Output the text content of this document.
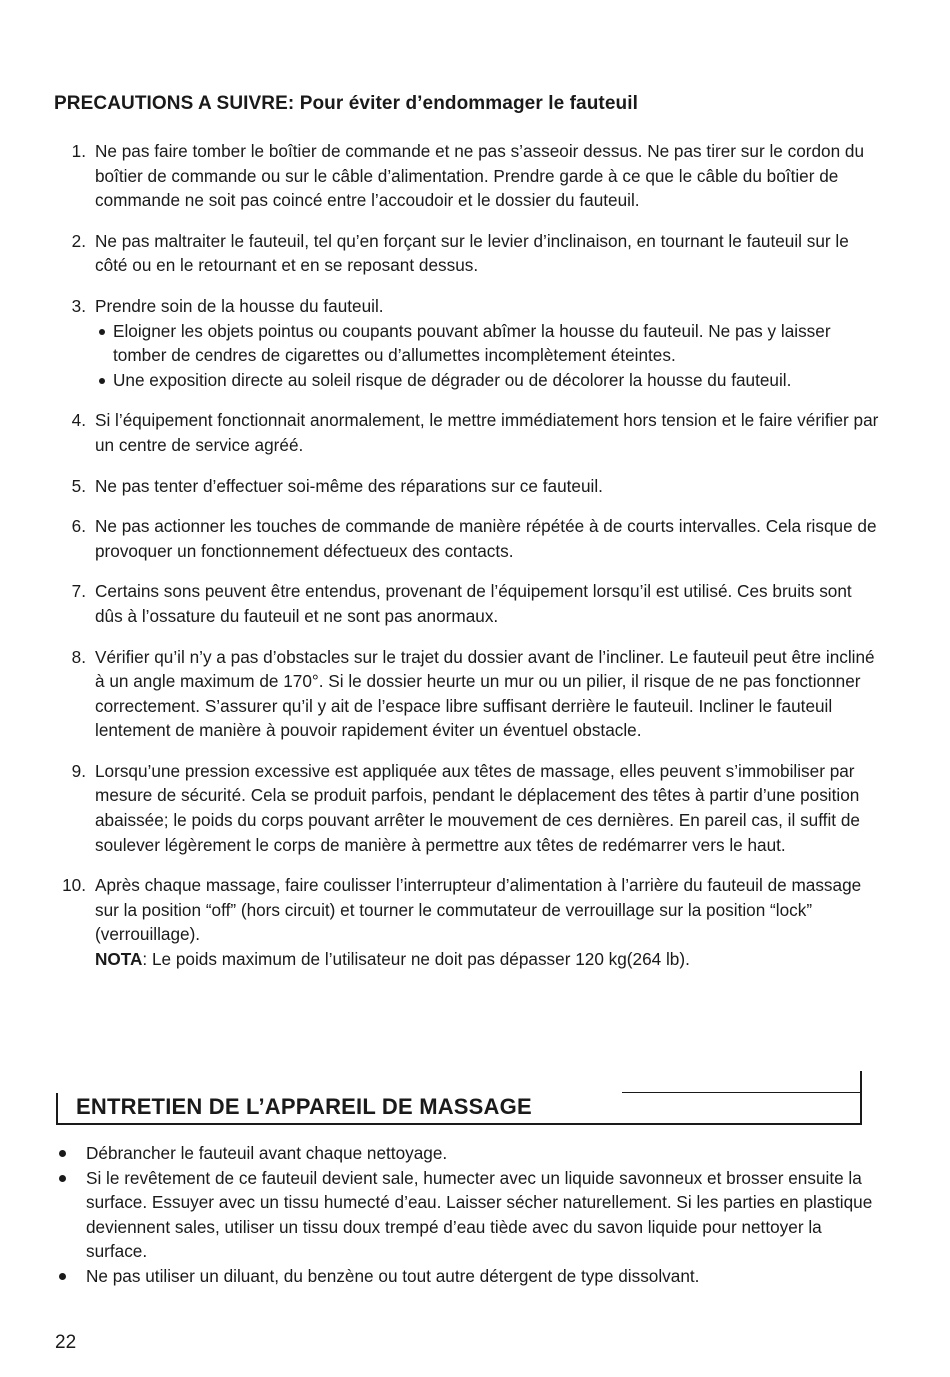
PRECAUTIONS A SUIVRE: Pour éviter d’endommager le fauteuil
1. Ne pas faire tomber le boîtier de commande et ne pas s’asseoir dessus. Ne pas tirer sur le cordon du boîtier de commande ou sur le câble d’alimentation. Prendre garde à ce que le câble du boîtier de commande ne soit pas coincé entre l’accoudoir et le dossier du fauteuil.
2. Ne pas maltraiter le fauteuil, tel qu’en forçant sur le levier d’inclinaison, en tournant le fauteuil sur le côté ou en le retournant et en se reposant dessus.
3. Prendre soin de la housse du fauteuil.
Eloigner les objets pointus ou coupants pouvant abîmer la housse du fauteuil. Ne pas y laisser tomber de cendres de cigarettes ou d’allumettes incomplètement éteintes.
Une exposition directe au soleil risque de dégrader ou de décolorer la housse du fauteuil.
4. Si l’équipement fonctionnait anormalement, le mettre immédiatement hors tension et le faire vérifier par un centre de service agréé.
5. Ne pas tenter d’effectuer soi-même des réparations sur ce fauteuil.
6. Ne pas actionner les touches de commande de manière répétée à de courts intervalles. Cela risque de provoquer un fonctionnement défectueux des contacts.
7. Certains sons peuvent être entendus, provenant de l’équipement lorsqu’il est utilisé. Ces bruits sont dûs à l’ossature du fauteuil et ne sont pas anormaux.
8. Vérifier qu’il n’y a pas d’obstacles sur le trajet du dossier avant de l’incliner. Le fauteuil peut être incliné à un angle maximum de 170°. Si le dossier heurte un mur ou un pilier, il risque de ne pas fonctionner correctement. S’assurer qu’il y ait de l’espace libre suffisant derrière le fauteuil. Incliner le fauteuil lentement de manière à pouvoir rapidement éviter un éventuel obstacle.
9. Lorsqu’une pression excessive est appliquée aux têtes de massage, elles peuvent s’immobiliser par mesure de sécurité. Cela se produit parfois, pendant le déplacement des têtes à partir d’une position abaissée; le poids du corps pouvant arrêter le mouvement de ces dernières. En pareil cas, il suffit de soulever légèrement le corps de manière à permettre aux têtes de redémarrer vers le haut.
10. Après chaque massage, faire coulisser l’interrupteur d’alimentation à l’arrière du fauteuil de massage sur la position “off” (hors circuit) et tourner le commutateur de verrouillage sur la position “lock” (verrouillage).
NOTA: Le poids maximum de l’utilisateur ne doit pas dépasser 120 kg(264 lb).
ENTRETIEN DE L’APPAREIL DE MASSAGE
Débrancher le fauteuil avant chaque nettoyage.
Si le revêtement de ce fauteuil devient sale, humecter avec un liquide savonneux et brosser ensuite la surface. Essuyer avec un tissu humecté d’eau. Laisser sécher naturellement. Si les parties en plastique deviennent sales, utiliser un tissu doux trempé d’eau tiède avec du savon liquide pour nettoyer la surface.
Ne pas utiliser un diluant, du benzène ou tout autre détergent de type dissolvant.
22
